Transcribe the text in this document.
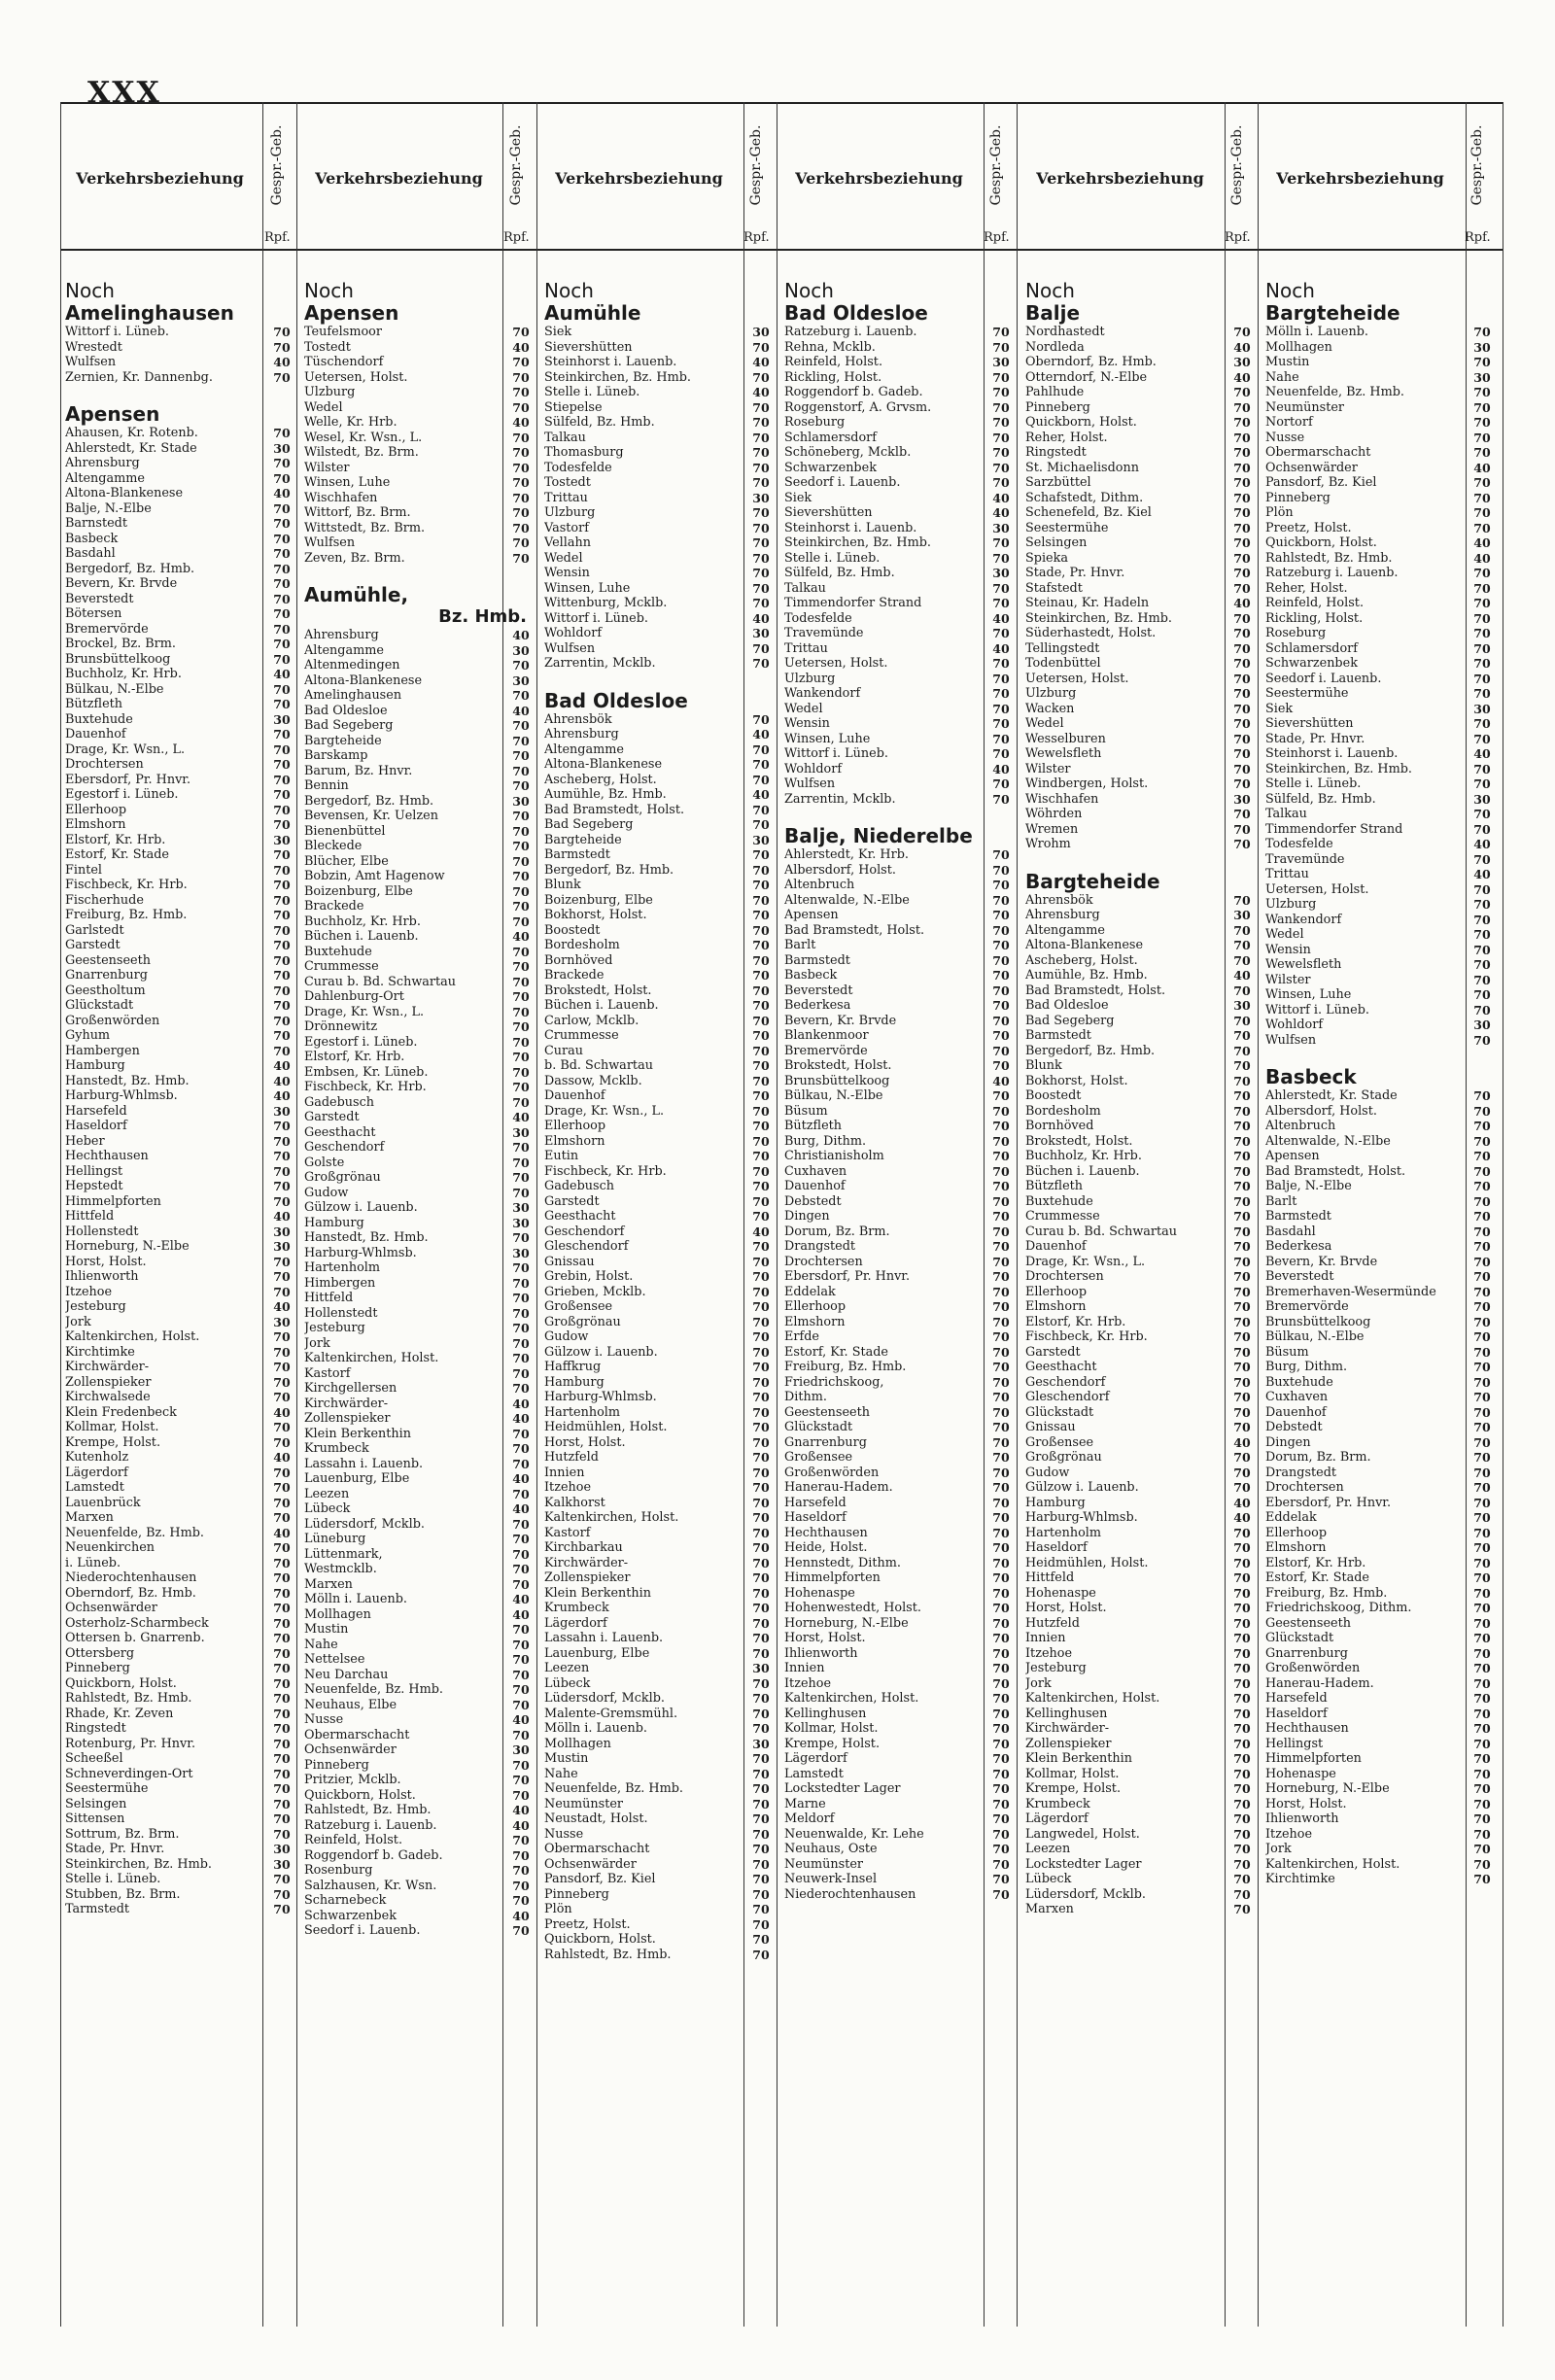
XXX
Verkehrsbeziehung	Gespr.-Geb.
Rpf.
Verkehrsbeziehung	Gespr.-Geb.
Rpf.
Verkehrsbeziehung	Gespr.-Geb.
Rpf.
Verkehrsbeziehung	Gespr.-Geb.
Rpf.
Verkehrsbeziehung	Gespr.-Geb.
Rpf.
Verkehrsbeziehung	Gespr.-Geb.
Rpf.
Noch
Amelinghausen
Wittorf i. Lüneb.	70
Wrestedt	70
Wulfsen	40
Zernien, Kr. Dannenbg.	70
Apensen
Ahausen, Kr. Rotenb.	70
Ahlerstedt, Kr. Stade	30
Ahrensburg	70
Altengamme	70
Altona-Blankenese	40
Balje, N.-Elbe	70
Barnstedt	70
Basbeck	70
Basdahl	70
Bergedorf, Bz. Hmb.	70
Bevern, Kr. Brvde	70
Beverstedt	70
Bötersen	70
Bremervörde	70
Brockel, Bz. Brm.	70
Brunsbüttelkoog	70
Buchholz, Kr. Hrb.	40
Bülkau, N.-Elbe	70
Bützfleth	70
Buxtehude	30
Dauenhof	70
Drage, Kr. Wsn., L.	70
Drochtersen	70
Ebersdorf, Pr. Hnvr.	70
Egestorf i. Lüneb.	70
Ellerhoop	70
Elmshorn	70
Elstorf, Kr. Hrb.	30
Estorf, Kr. Stade	70
Fintel	70
Fischbeck, Kr. Hrb.	70
Fischerhude	70
Freiburg, Bz. Hmb.	70
Garlstedt	70
Garstedt	70
Geestenseeth	70
Gnarrenburg	70
Geestholtum	70
Glückstadt	70
Großenwörden	70
Gyhum	70
Hambergen	70
Hamburg	40
Hanstedt, Bz. Hmb.	40
Harburg-Whlmsb.	40
Harsefeld	30
Haseldorf	70
Heber	70
Hechthausen	70
Hellingst	70
Hepstedt	70
Himmelpforten	70
Hittfeld	40
Hollenstedt	30
Horneburg, N.-Elbe	30
Horst, Holst.	70
Ihlienworth	70
Itzehoe	70
Jesteburg	40
Jork	30
Kaltenkirchen, Holst.	70
Kirchtimke	70
Kirchwärder-	70
Zollenspieker	70
Kirchwalsede	70
Klein Fredenbeck	40
Kollmar, Holst.	70
Krempe, Holst.	70
Kutenholz	40
Lägerdorf	70
Lamstedt	70
Lauenbrück	70
Marxen	70
Neuenfelde, Bz. Hmb.	40
Neuenkirchen	70
i. Lüneb.	70
Niederochtenhausen	70
Oberndorf, Bz. Hmb.	70
Ochsenwärder	70
Osterholz-Scharmbeck	70
Ottersen b. Gnarrenb.	70
Ottersberg	70
Pinneberg	70
Quickborn, Holst.	70
Rahlstedt, Bz. Hmb.	70
Rhade, Kr. Zeven	70
Ringstedt	70
Rotenburg, Pr. Hnvr.	70
Scheeßel	70
Schneverdingen-Ort	70
Seestermühe	70
Selsingen	70
Sittensen	70
Sottrum, Bz. Brm.	70
Stade, Pr. Hnvr.	30
Steinkirchen, Bz. Hmb.	30
Stelle i. Lüneb.	70
Stubben, Bz. Brm.	70
Tarmstedt	70
Noch
Apensen
Teufelsmoor	70
Tostedt	40
Tüschendorf	70
Uetersen, Holst.	70
Ulzburg	70
Wedel	70
Welle, Kr. Hrb.	40
Wesel, Kr. Wsn., L.	70
Wilstedt, Bz. Brm.	70
Wilster	70
Winsen, Luhe	70
Wischhafen	70
Wittorf, Bz. Brm.	70
Wittstedt, Bz. Brm.	70
Wulfsen	70
Zeven, Bz. Brm.	70
Aumühle,
Bz. Hmb.
Ahrensburg	40
Altengamme	30
Altenmedingen	70
Altona-Blankenese	30
Amelinghausen	70
Bad Oldesloe	40
Bad Segeberg	70
Bargteheide	70
Barskamp	70
Barum, Bz. Hnvr.	70
Bennin	70
Bergedorf, Bz. Hmb.	30
Bevensen, Kr. Uelzen	70
Bienenbüttel	70
Bleckede	70
Blücher, Elbe	70
Bobzin, Amt Hagenow	70
Boizenburg, Elbe	70
Brackede	70
Buchholz, Kr. Hrb.	70
Büchen i. Lauenb.	40
Buxtehude	70
Crummesse	70
Curau b. Bd. Schwartau	70
Dahlenburg-Ort	70
Drage, Kr. Wsn., L.	70
Drönnewitz	70
Egestorf i. Lüneb.	70
Elstorf, Kr. Hrb.	70
Embsen, Kr. Lüneb.	70
Fischbeck, Kr. Hrb.	70
Gadebusch	70
Garstedt	40
Geesthacht	30
Geschendorf	70
Golste	70
Großgrönau	70
Gudow	70
Gülzow i. Lauenb.	30
Hamburg	30
Hanstedt, Bz. Hmb.	70
Harburg-Whlmsb.	30
Hartenholm	70
Himbergen	70
Hittfeld	70
Hollenstedt	70
Jesteburg	70
Jork	70
Kaltenkirchen, Holst.	70
Kastorf	70
Kirchgellersen	70
Kirchwärder-	40
Zollenspieker	40
Klein Berkenthin	70
Krumbeck	70
Lassahn i. Lauenb.	70
Lauenburg, Elbe	40
Leezen	70
Lübeck	40
Lüdersdorf, Mcklb.	70
Lüneburg	70
Lüttenmark,	70
Westmcklb.	70
Marxen	70
Mölln i. Lauenb.	40
Mollhagen	40
Mustin	70
Nahe	70
Nettelsee	70
Neu Darchau	70
Neuenfelde, Bz. Hmb.	70
Neuhaus, Elbe	70
Nusse	40
Obermarschacht	70
Ochsenwärder	30
Pinneberg	70
Pritzier, Mcklb.	70
Quickborn, Holst.	70
Rahlstedt, Bz. Hmb.	40
Ratzeburg i. Lauenb.	40
Reinfeld, Holst.	70
Roggendorf b. Gadeb.	70
Rosenburg	70
Salzhausen, Kr. Wsn.	70
Scharnebeck	70
Schwarzenbek	40
Seedorf i. Lauenb.	70
Noch
Aumühle
Siek	30
Sievershütten	70
Steinhorst i. Lauenb.	40
Steinkirchen, Bz. Hmb.	70
Stelle i. Lüneb.	40
Stiepelse	70
Sülfeld, Bz. Hmb.	70
Talkau	70
Thomasburg	70
Todesfelde	70
Tostedt	70
Trittau	30
Ulzburg	70
Vastorf	70
Vellahn	70
Wedel	70
Wensin	70
Winsen, Luhe	70
Wittenburg, Mcklb.	70
Wittorf i. Lüneb.	40
Wohldorf	30
Wulfsen	70
Zarrentin, Mcklb.	70
Bad Oldesloe
Ahrensbök	70
Ahrensburg	40
Altengamme	70
Altona-Blankenese	70
Ascheberg, Holst.	70
Aumühle, Bz. Hmb.	40
Bad Bramstedt, Holst.	70
Bad Segeberg	70
Bargteheide	30
Barmstedt	70
Bergedorf, Bz. Hmb.	70
Blunk	70
Boizenburg, Elbe	70
Bokhorst, Holst.	70
Boostedt	70
Bordesholm	70
Bornhöved	70
Brackede	70
Brokstedt, Holst.	70
Büchen i. Lauenb.	70
Carlow, Mcklb.	70
Crummesse	70
Curau	70
b. Bd. Schwartau	70
Dassow, Mcklb.	70
Dauenhof	70
Drage, Kr. Wsn., L.	70
Ellerhoop	70
Elmshorn	70
Eutin	70
Fischbeck, Kr. Hrb.	70
Gadebusch	70
Garstedt	70
Geesthacht	70
Geschendorf	40
Gleschendorf	70
Gnissau	70
Grebin, Holst.	70
Grieben, Mcklb.	70
Großensee	70
Großgrönau	70
Gudow	70
Gülzow i. Lauenb.	70
Haffkrug	70
Hamburg	70
Harburg-Whlmsb.	70
Hartenholm	70
Heidmühlen, Holst.	70
Horst, Holst.	70
Hutzfeld	70
Innien	70
Itzehoe	70
Kalkhorst	70
Kaltenkirchen, Holst.	70
Kastorf	70
Kirchbarkau	70
Kirchwärder-	70
Zollenspieker	70
Klein Berkenthin	70
Krumbeck	70
Lägerdorf	70
Lassahn i. Lauenb.	70
Lauenburg, Elbe	70
Leezen	30
Lübeck	70
Lüdersdorf, Mcklb.	70
Malente-Gremsmühl.	70
Mölln i. Lauenb.	70
Mollhagen	30
Mustin	70
Nahe	70
Neuenfelde, Bz. Hmb.	70
Neumünster	70
Neustadt, Holst.	70
Nusse	70
Obermarschacht	70
Ochsenwärder	70
Pansdorf, Bz. Kiel	70
Pinneberg	70
Plön	70
Preetz, Holst.	70
Quickborn, Holst.	70
Rahlstedt, Bz. Hmb.	70
Noch
Bad Oldesloe
Ratzeburg i. Lauenb.	70
Rehna, Mcklb.	70
Reinfeld, Holst.	30
Rickling, Holst.	70
Roggendorf b. Gadeb.	70
Roggenstorf, A. Grvsm.	70
Roseburg	70
Schlamersdorf	70
Schöneberg, Mcklb.	70
Schwarzenbek	70
Seedorf i. Lauenb.	70
Siek	40
Sievershütten	40
Steinhorst i. Lauenb.	30
Steinkirchen, Bz. Hmb.	70
Stelle i. Lüneb.	70
Sülfeld, Bz. Hmb.	30
Talkau	70
Timmendorfer Strand	70
Todesfelde	40
Travemünde	70
Trittau	40
Uetersen, Holst.	70
Ulzburg	70
Wankendorf	70
Wedel	70
Wensin	70
Winsen, Luhe	70
Wittorf i. Lüneb.	70
Wohldorf	40
Wulfsen	70
Zarrentin, Mcklb.	70
Balje, Niederelbe
Ahlerstedt, Kr. Hrb.	70
Albersdorf, Holst.	70
Altenbruch	70
Altenwalde, N.-Elbe	70
Apensen	70
Bad Bramstedt, Holst.	70
Barlt	70
Barmstedt	70
Basbeck	70
Beverstedt	70
Bederkesa	70
Bevern, Kr. Brvde	70
Blankenmoor	70
Bremervörde	70
Brokstedt, Holst.	70
Brunsbüttelkoog	40
Bülkau, N.-Elbe	70
Büsum	70
Bützfleth	70
Burg, Dithm.	70
Christianisholm	70
Cuxhaven	70
Dauenhof	70
Debstedt	70
Dingen	70
Dorum, Bz. Brm.	70
Drangstedt	70
Drochtersen	70
Ebersdorf, Pr. Hnvr.	70
Eddelak	70
Ellerhoop	70
Elmshorn	70
Erfde	70
Estorf, Kr. Stade	70
Freiburg, Bz. Hmb.	70
Friedrichskoog,	70
Dithm.	70
Geestenseeth	70
Glückstadt	70
Gnarrenburg	70
Großensee	70
Großenwörden	70
Hanerau-Hadem.	70
Harsefeld	70
Haseldorf	70
Hechthausen	70
Heide, Holst.	70
Hennstedt, Dithm.	70
Himmelpforten	70
Hohenaspe	70
Hohenwestedt, Holst.	70
Horneburg, N.-Elbe	70
Horst, Holst.	70
Ihlienworth	70
Innien	70
Itzehoe	70
Kaltenkirchen, Holst.	70
Kellinghusen	70
Kollmar, Holst.	70
Krempe, Holst.	70
Lägerdorf	70
Lamstedt	70
Lockstedter Lager	70
Marne	70
Meldorf	70
Neuenwalde, Kr. Lehe	70
Neuhaus, Oste	70
Neumünster	70
Neuwerk-Insel	70
Niederochtenhausen	70
Noch
Balje
Nordhastedt	70
Nordleda	40
Oberndorf, Bz. Hmb.	30
Otterndorf, N.-Elbe	40
Pahlhude	70
Pinneberg	70
Quickborn, Holst.	70
Reher, Holst.	70
Ringstedt	70
St. Michaelisdonn	70
Sarzbüttel	70
Schafstedt, Dithm.	70
Schenefeld, Bz. Kiel	70
Seestermühe	70
Selsingen	70
Spieka	70
Stade, Pr. Hnvr.	70
Stafstedt	70
Steinau, Kr. Hadeln	40
Steinkirchen, Bz. Hmb.	70
Süderhastedt, Holst.	70
Tellingstedt	70
Todenbüttel	70
Uetersen, Holst.	70
Ulzburg	70
Wacken	70
Wedel	70
Wesselburen	70
Wewelsfleth	70
Wilster	70
Windbergen, Holst.	70
Wischhafen	30
Wöhrden	70
Wremen	70
Wrohm	70
Bargteheide
Ahrensbök	70
Ahrensburg	30
Altengamme	70
Altona-Blankenese	70
Ascheberg, Holst.	70
Aumühle, Bz. Hmb.	40
Bad Bramstedt, Holst.	70
Bad Oldesloe	30
Bad Segeberg	70
Barmstedt	70
Bergedorf, Bz. Hmb.	70
Blunk	70
Bokhorst, Holst.	70
Boostedt	70
Bordesholm	70
Bornhöved	70
Brokstedt, Holst.	70
Buchholz, Kr. Hrb.	70
Büchen i. Lauenb.	70
Bützfleth	70
Buxtehude	70
Crummesse	70
Curau b. Bd. Schwartau	70
Dauenhof	70
Drage, Kr. Wsn., L.	70
Drochtersen	70
Ellerhoop	70
Elmshorn	70
Elstorf, Kr. Hrb.	70
Fischbeck, Kr. Hrb.	70
Garstedt	70
Geesthacht	70
Geschendorf	70
Gleschendorf	70
Glückstadt	70
Gnissau	70
Großensee	40
Großgrönau	70
Gudow	70
Gülzow i. Lauenb.	70
Hamburg	40
Harburg-Whlmsb.	40
Hartenholm	70
Haseldorf	70
Heidmühlen, Holst.	70
Hittfeld	70
Hohenaspe	70
Horst, Holst.	70
Hutzfeld	70
Innien	70
Itzehoe	70
Jesteburg	70
Jork	70
Kaltenkirchen, Holst.	70
Kellinghusen	70
Kirchwärder-	70
Zollenspieker	70
Klein Berkenthin	70
Kollmar, Holst.	70
Krempe, Holst.	70
Krumbeck	70
Lägerdorf	70
Langwedel, Holst.	70
Leezen	70
Lockstedter Lager	70
Lübeck	70
Lüdersdorf, Mcklb.	70
Marxen	70
Noch
Bargteheide
Mölln i. Lauenb.	70
Mollhagen	30
Mustin	70
Nahe	30
Neuenfelde, Bz. Hmb.	70
Neumünster	70
Nortorf	70
Nusse	70
Obermarschacht	70
Ochsenwärder	40
Pansdorf, Bz. Kiel	70
Pinneberg	70
Plön	70
Preetz, Holst.	70
Quickborn, Holst.	40
Rahlstedt, Bz. Hmb.	40
Ratzeburg i. Lauenb.	70
Reher, Holst.	70
Reinfeld, Holst.	70
Rickling, Holst.	70
Roseburg	70
Schlamersdorf	70
Schwarzenbek	70
Seedorf i. Lauenb.	70
Seestermühe	70
Siek	30
Sievershütten	70
Stade, Pr. Hnvr.	70
Steinhorst i. Lauenb.	40
Steinkirchen, Bz. Hmb.	70
Stelle i. Lüneb.	70
Sülfeld, Bz. Hmb.	30
Talkau	70
Timmendorfer Strand	70
Todesfelde	40
Travemünde	70
Trittau	40
Uetersen, Holst.	70
Ulzburg	70
Wankendorf	70
Wedel	70
Wensin	70
Wewelsfleth	70
Wilster	70
Winsen, Luhe	70
Wittorf i. Lüneb.	70
Wohldorf	30
Wulfsen	70
Basbeck
Ahlerstedt, Kr. Stade	70
Albersdorf, Holst.	70
Altenbruch	70
Altenwalde, N.-Elbe	70
Apensen	70
Bad Bramstedt, Holst.	70
Balje, N.-Elbe	70
Barlt	70
Barmstedt	70
Basdahl	70
Bederkesa	70
Bevern, Kr. Brvde	70
Beverstedt	70
Bremerhaven-Wesermünde	70
Bremervörde	70
Brunsbüttelkoog	70
Bülkau, N.-Elbe	70
Büsum	70
Burg, Dithm.	70
Buxtehude	70
Cuxhaven	70
Dauenhof	70
Debstedt	70
Dingen	70
Dorum, Bz. Brm.	70
Drangstedt	70
Drochtersen	70
Ebersdorf, Pr. Hnvr.	70
Eddelak	70
Ellerhoop	70
Elmshorn	70
Elstorf, Kr. Hrb.	70
Estorf, Kr. Stade	70
Freiburg, Bz. Hmb.	70
Friedrichskoog, Dithm.	70
Geestenseeth	70
Glückstadt	70
Gnarrenburg	70
Großenwörden	70
Hanerau-Hadem.	70
Harsefeld	70
Haseldorf	70
Hechthausen	70
Hellingst	70
Himmelpforten	70
Hohenaspe	70
Horneburg, N.-Elbe	70
Horst, Holst.	70
Ihlienworth	70
Itzehoe	70
Jork	70
Kaltenkirchen, Holst.	70
Kirchtimke	70
